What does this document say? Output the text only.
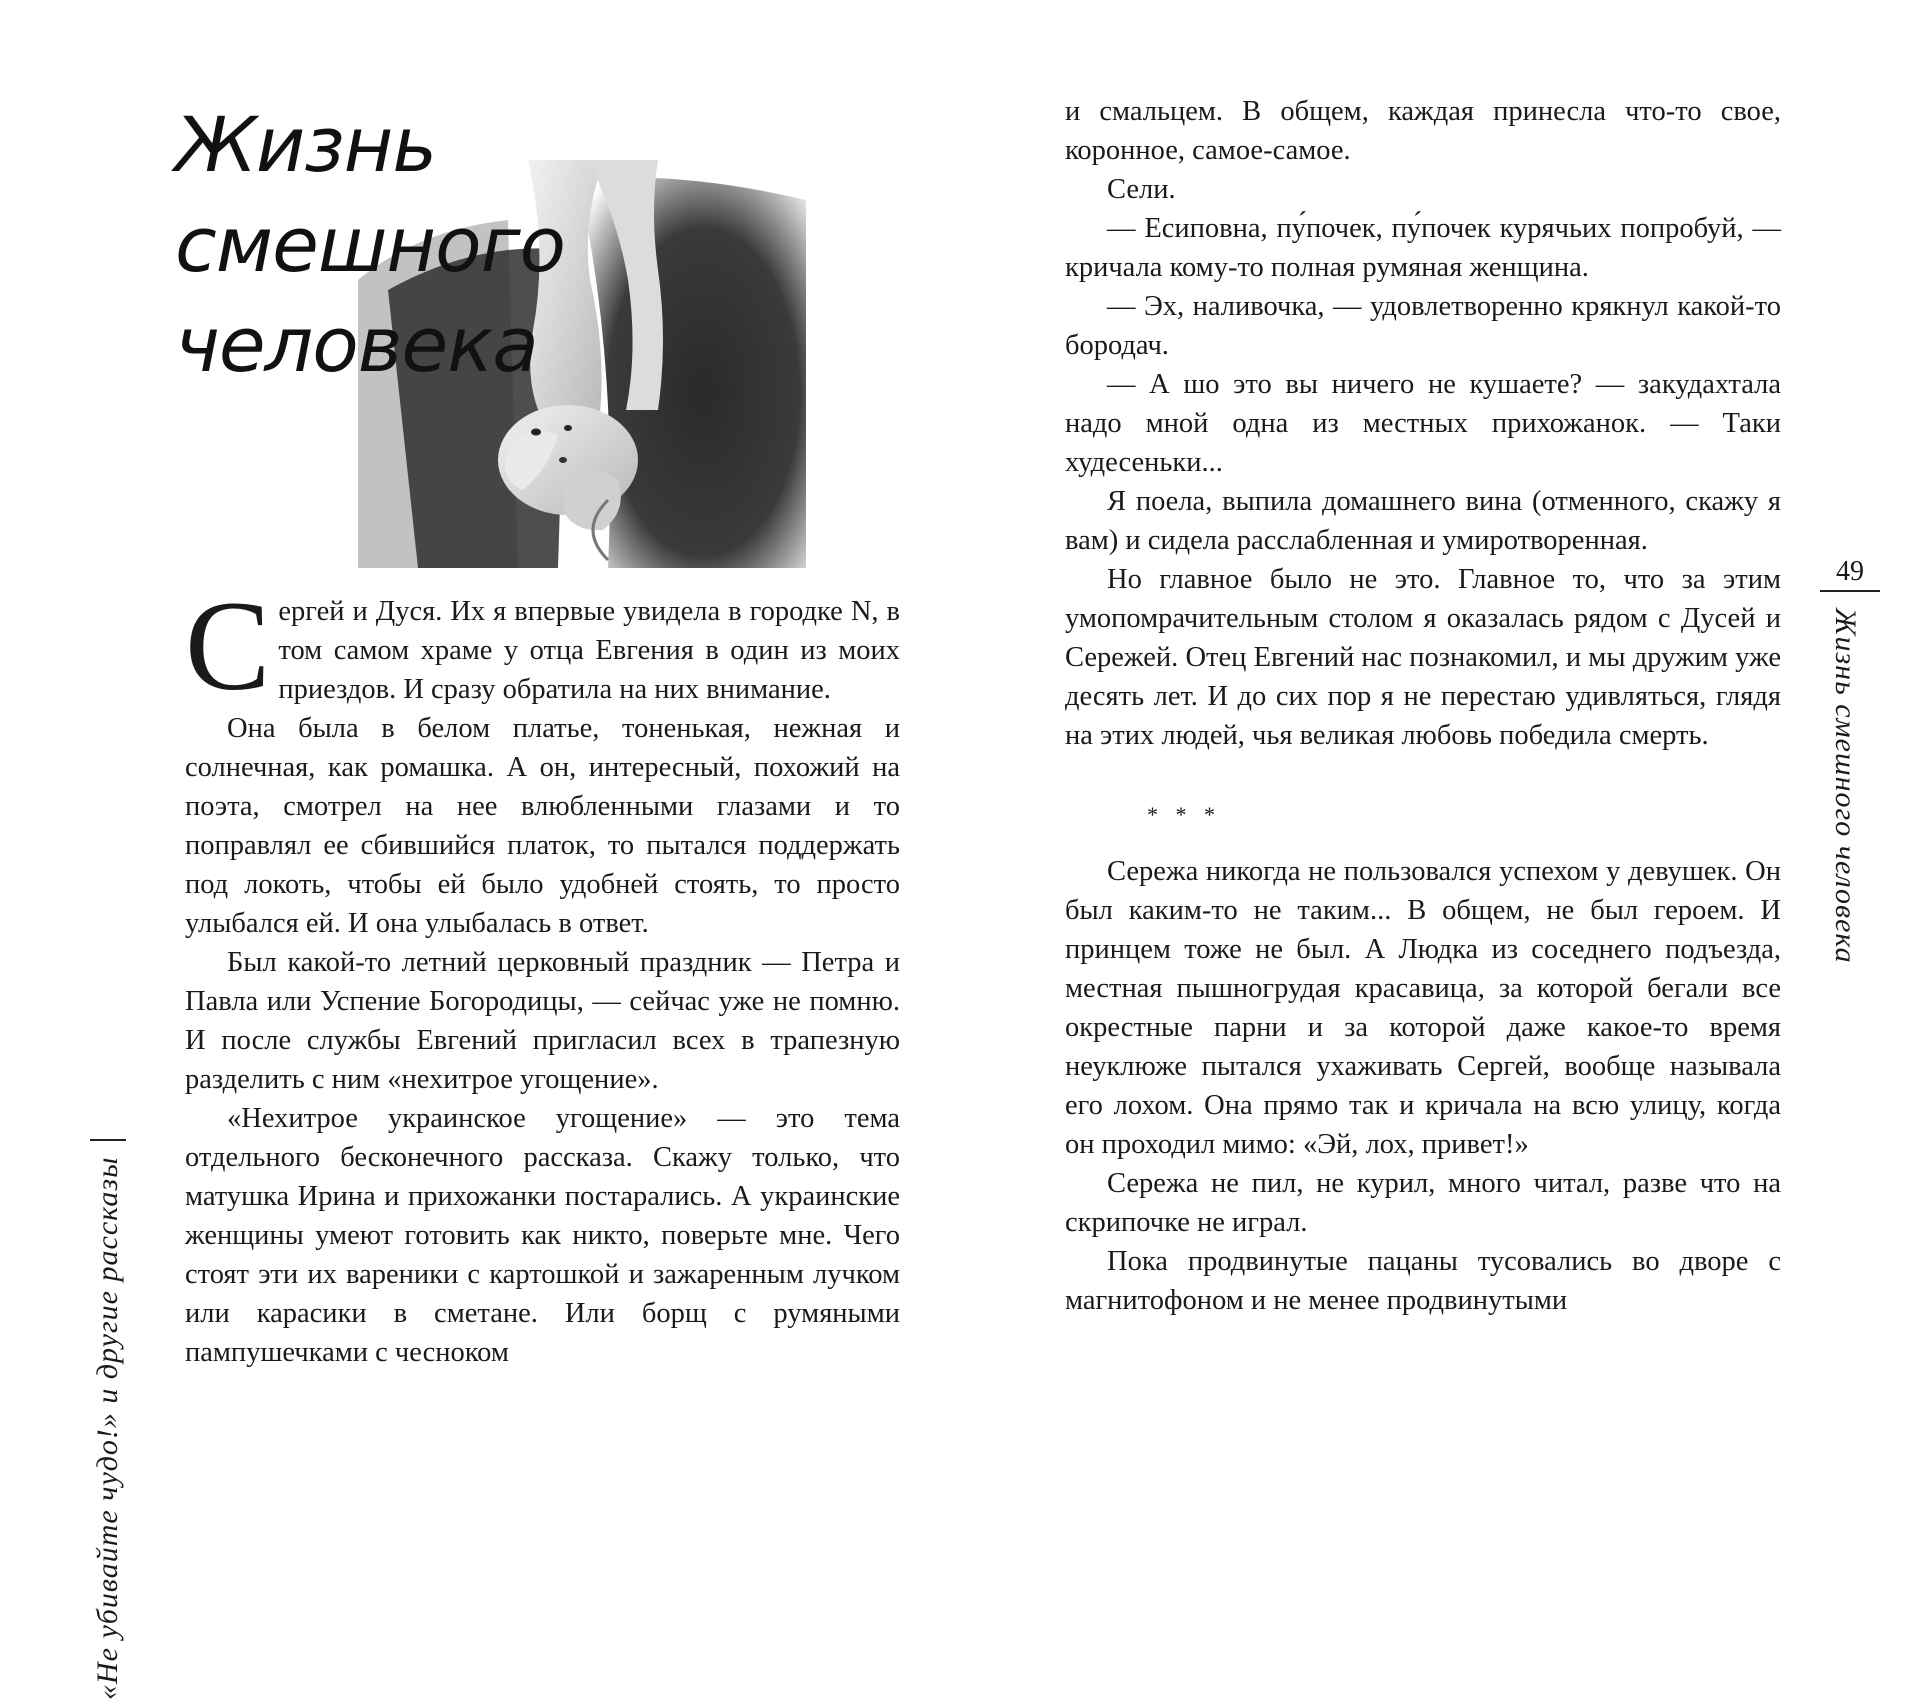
«Не убивайте чудо!» и другие рассказы
Жизнь смешного
человека

Сергей и Дуся. Их я впервые увидела в городке N, в том самом храме у отца Евгения в один из моих приездов. И сразу обратила на них внимание.

Она была в белом платье, тоненькая, нежная и солнечная, как ромашка. А он, интересный, похожий на поэта, смотрел на нее влюбленными глазами и то поправлял ее сбившийся платок, то пытался поддержать под локоть, чтобы ей было удобней стоять, то просто улыбался ей. И она улыбалась в ответ.

Был какой-то летний церковный праздник — Петра и Павла или Успение Богородицы, — сейчас уже не помню. И после службы Евгений пригласил всех в трапезную разделить с ним «нехитрое угощение».

«Нехитрое украинское угощение» — это тема отдельного бесконечного рассказа. Скажу только, что матушка Ирина и прихожанки постарались. А украинские женщины умеют готовить как никто, поверьте мне. Чего стоят эти их вареники с картошкой и зажаренным лучком или карасики в сметане. Или борщ с румяными пампушечками с чесноком

49
Жизнь смешного человека

и смальцем. В общем, каждая принесла что-то свое, коронное, самое-самое.

Сели.

— Есиповна, пу́почек, пу́почек курячьих попробуй, — кричала кому-то полная румяная женщина.

— Эх, наливочка, — удовлетворенно крякнул какой-то бородач.

— А шо это вы ничего не кушаете? — закудахтала надо мной одна из местных прихожанок. — Таки худесеньки...

Я поела, выпила домашнего вина (отменного, скажу я вам) и сидела расслабленная и умиротворенная.

Но главное было не это. Главное то, что за этим умопомрачительным столом я оказалась рядом с Дусей и Сережей. Отец Евгений нас познакомил, и мы дружим уже десять лет. И до сих пор я не перестаю удивляться, глядя на этих людей, чья великая любовь победила смерть.

* * *

Сережа никогда не пользовался успехом у девушек. Он был каким-то не таким... В общем, не был героем. И принцем тоже не был. А Людка из соседнего подъезда, местная пышногрудая красавица, за которой бегали все окрестные парни и за которой даже какое-то время неуклюже пытался ухаживать Сергей, вообще называла его лохом. Она прямо так и кричала на всю улицу, когда он проходил мимо: «Эй, лох, привет!»

Сережа не пил, не курил, много читал, разве что на скрипочке не играл.

Пока продвинутые пацаны тусовались во дворе с магнитофоном и не менее продвинутыми
